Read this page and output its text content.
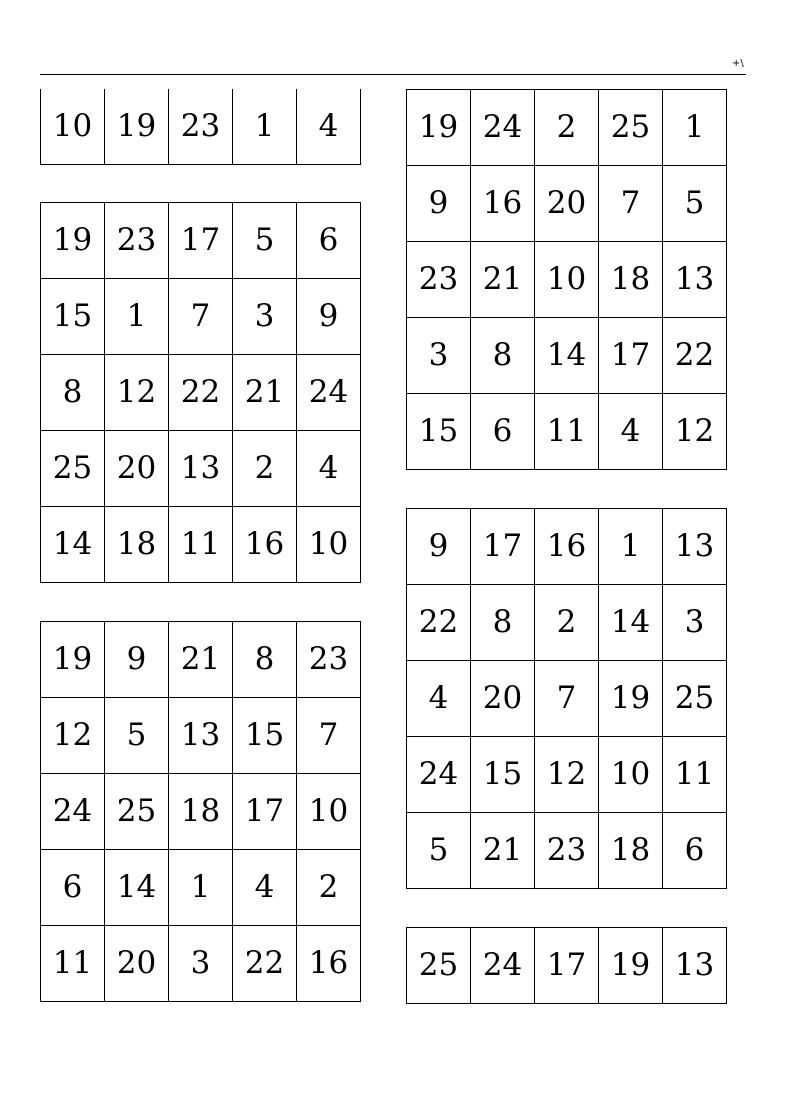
+\
10	19	23	1	4
19	23	17	5	6
15	1	7	3	9
8	12	22	21	24
25	20	13	2	4
14	18	11	16	10
19	9	21	8	23
12	5	13	15	7
24	25	18	17	10
6	14	1	4	2
11	20	3	22	16
19	24	2	25	1
9	16	20	7	5
23	21	10	18	13
3	8	14	17	22
15	6	11	4	12
9	17	16	1	13
22	8	2	14	3
4	20	7	19	25
24	15	12	10	11
5	21	23	18	6
25	24	17	19	13
